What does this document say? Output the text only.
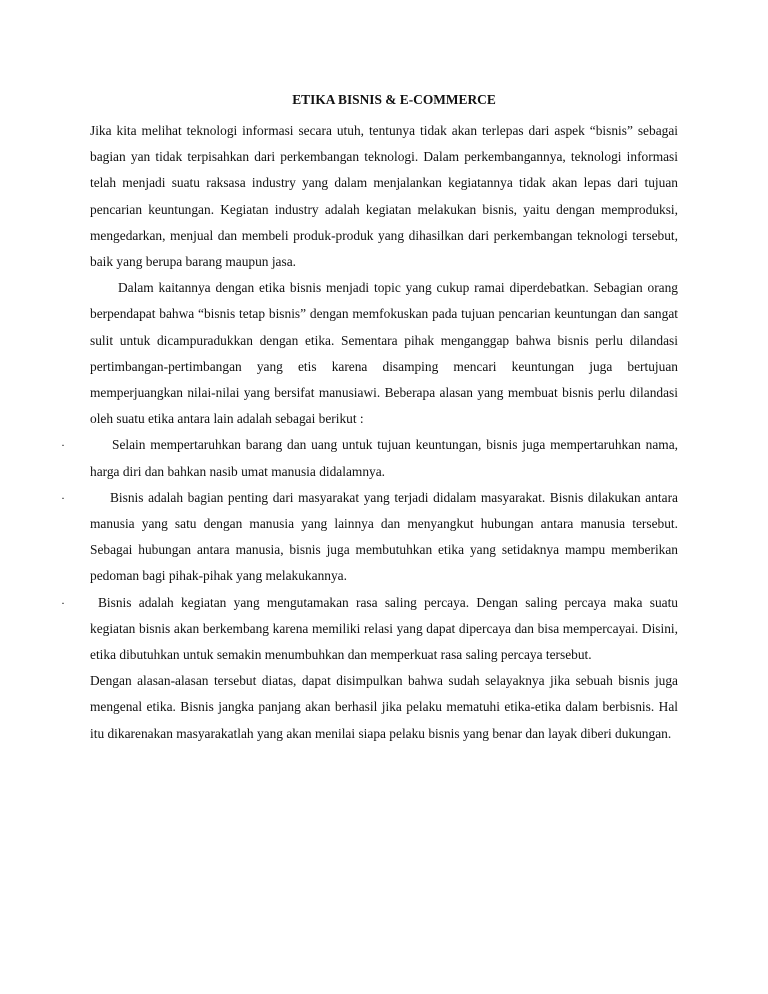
ETIKA BISNIS & E-COMMERCE

Jika kita melihat teknologi informasi secara utuh, tentunya tidak akan terlepas dari aspek “bisnis” sebagai bagian yan tidak terpisahkan dari perkembangan teknologi. Dalam perkembangannya, teknologi informasi telah menjadi suatu raksasa industry yang dalam menjalankan kegiatannya tidak akan lepas dari tujuan pencarian keuntungan. Kegiatan industry adalah kegiatan melakukan bisnis, yaitu dengan memproduksi, mengedarkan, menjual dan membeli produk-produk yang dihasilkan dari perkembangan teknologi tersebut, baik yang berupa barang maupun jasa.

Dalam kaitannya dengan etika bisnis menjadi topic yang cukup ramai diperdebatkan. Sebagian orang berpendapat bahwa “bisnis tetap bisnis” dengan memfokuskan pada tujuan pencarian keuntungan dan sangat sulit untuk dicampuradukkan dengan etika. Sementara pihak menganggap bahwa bisnis perlu dilandasi pertimbangan-pertimbangan yang etis karena disamping mencari keuntungan juga bertujuan memperjuangkan nilai-nilai yang bersifat manusiawi. Beberapa alasan yang membuat bisnis perlu dilandasi oleh suatu etika antara lain adalah sebagai berikut :

·	Selain mempertaruhkan barang dan uang untuk tujuan keuntungan, bisnis juga mempertaruhkan nama, harga diri dan bahkan nasib umat manusia didalamnya.
·	Bisnis adalah bagian penting dari masyarakat yang terjadi didalam masyarakat. Bisnis dilakukan antara manusia yang satu dengan manusia yang lainnya dan menyangkut hubungan antara manusia tersebut. Sebagai hubungan antara manusia, bisnis juga membutuhkan etika yang setidaknya mampu memberikan pedoman bagi pihak-pihak yang melakukannya.
· Bisnis adalah kegiatan yang mengutamakan rasa saling percaya. Dengan saling percaya maka suatu kegiatan bisnis akan berkembang karena memiliki relasi yang dapat dipercaya dan bisa mempercayai. Disini, etika dibutuhkan untuk semakin menumbuhkan dan memperkuat rasa saling percaya tersebut.

Dengan alasan-alasan tersebut diatas, dapat disimpulkan bahwa sudah selayaknya jika sebuah bisnis juga mengenal etika. Bisnis jangka panjang akan berhasil jika pelaku mematuhi etika-etika dalam berbisnis. Hal itu dikarenakan masyarakatlah yang akan menilai siapa pelaku bisnis yang benar dan layak diberi dukungan.
